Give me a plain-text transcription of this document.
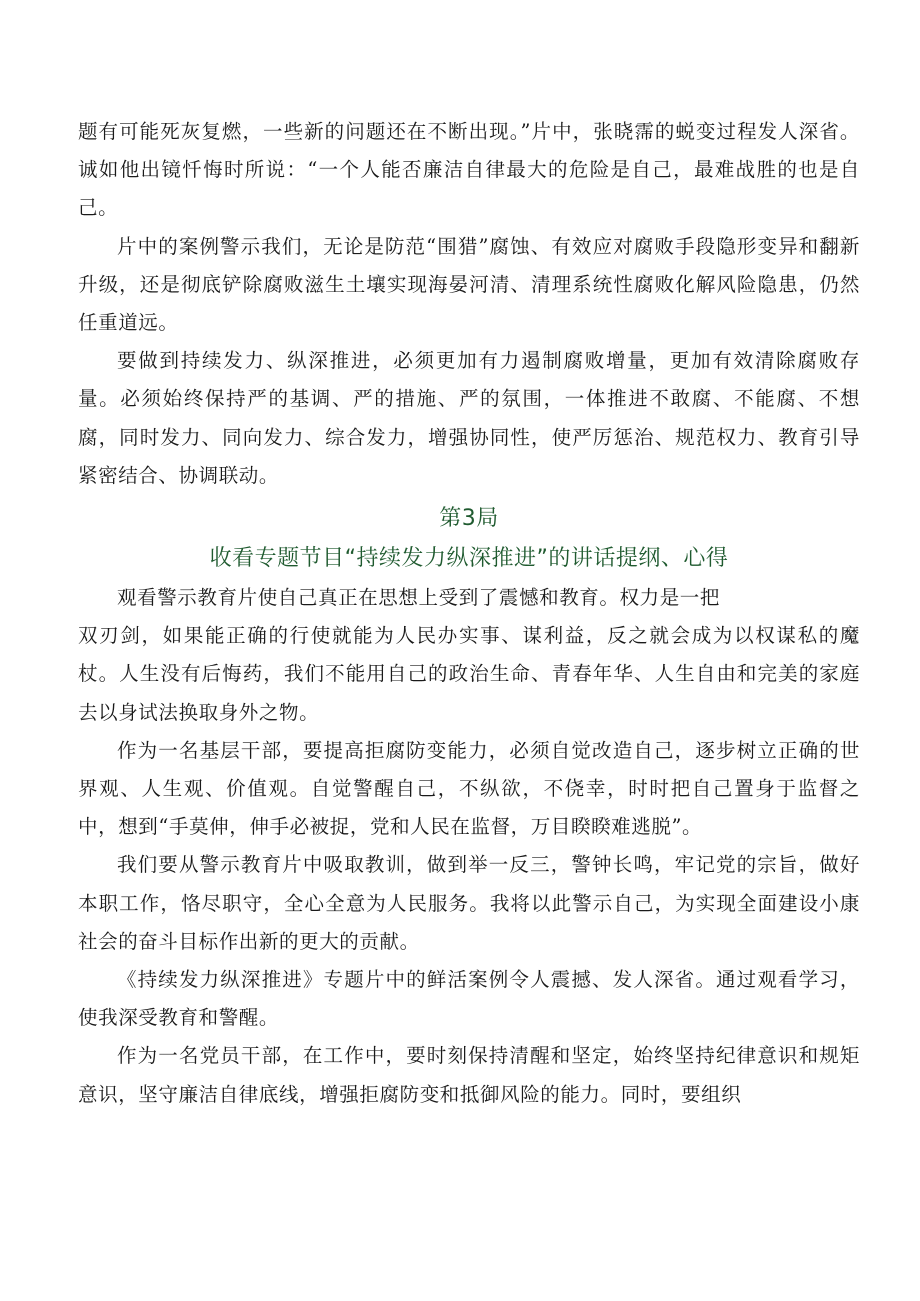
题有可能死灰复燃，一些新的问题还在不断出现。”片中，张晓霈的蜕变过程发人深省。诚如他出镜忏悔时所说：“一个人能否廉洁自律最大的危险是自己，最难战胜的也是自己。

片中的案例警示我们，无论是防范“围猎”腐蚀、有效应对腐败手段隐形变异和翻新升级，还是彻底铲除腐败滋生土壤实现海晏河清、清理系统性腐败化解风险隐患，仍然任重道远。

要做到持续发力、纵深推进，必须更加有力遏制腐败增量，更加有效清除腐败存量。必须始终保持严的基调、严的措施、严的氛围，一体推进不敢腐、不能腐、不想腐，同时发力、同向发力、综合发力，增强协同性，使严厉惩治、规范权力、教育引导紧密结合、协调联动。

第3局
收看专题节目“持续发力纵深推进”的讲话提纲、心得

观看警示教育片使自己真正在思想上受到了震憾和教育。权力是一把

双刃剑，如果能正确的行使就能为人民办实事、谋利益，反之就会成为以权谋私的魔杖。人生没有后悔药，我们不能用自己的政治生命、青春年华、人生自由和完美的家庭去以身试法换取身外之物。

作为一名基层干部，要提高拒腐防变能力，必须自觉改造自己，逐步树立正确的世界观、人生观、价值观。自觉警醒自己，不纵欲，不侥幸，时时把自己置身于监督之中，想到“手莫伸，伸手必被捉，党和人民在监督，万目睽睽难逃脱”。

我们要从警示教育片中吸取教训，做到举一反三，警钟长鸣，牢记党的宗旨，做好本职工作，恪尽职守，全心全意为人民服务。我将以此警示自己，为实现全面建设小康社会的奋斗目标作出新的更大的贡献。

《持续发力纵深推进》专题片中的鲜活案例令人震撼、发人深省。通过观看学习，使我深受教育和警醒。

作为一名党员干部，在工作中，要时刻保持清醒和坚定，始终坚持纪律意识和规矩意识，坚守廉洁自律底线，增强拒腐防变和抵御风险的能力。同时，要组织
